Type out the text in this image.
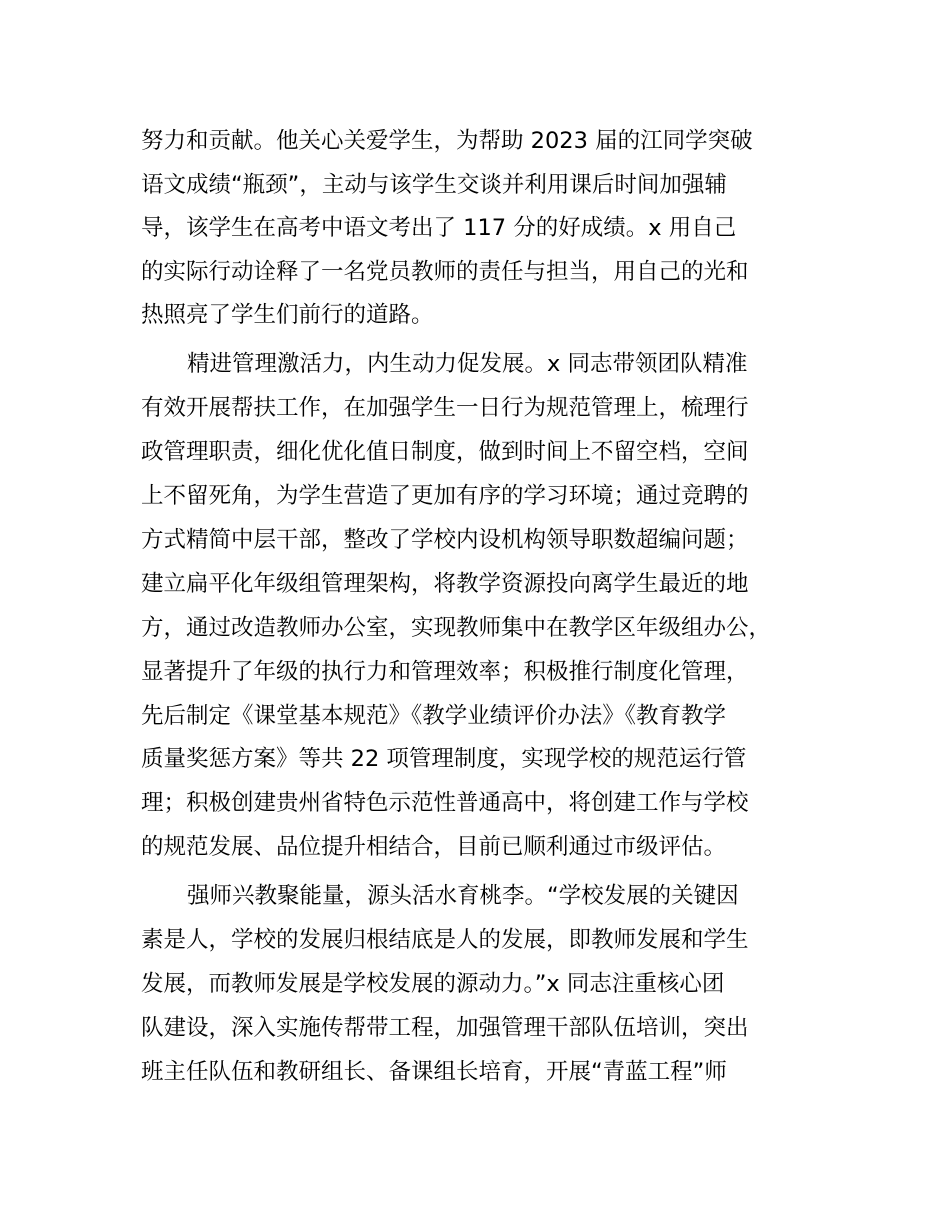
努力和贡献。他关心关爱学生，为帮助 2023 届的江同学突破
语文成绩“瓶颈”，主动与该学生交谈并利用课后时间加强辅
导，该学生在高考中语文考出了 117 分的好成绩。x 用自己
的实际行动诠释了一名党员教师的责任与担当，用自己的光和
热照亮了学生们前行的道路。
精进管理激活力，内生动力促发展。x 同志带领团队精准
有效开展帮扶工作，在加强学生一日行为规范管理上，梳理行
政管理职责，细化优化值日制度，做到时间上不留空档，空间
上不留死角，为学生营造了更加有序的学习环境；通过竞聘的
方式精简中层干部，整改了学校内设机构领导职数超编问题；
建立扁平化年级组管理架构，将教学资源投向离学生最近的地
方，通过改造教师办公室，实现教师集中在教学区年级组办公，
显著提升了年级的执行力和管理效率；积极推行制度化管理，
先后制定《课堂基本规范》《教学业绩评价办法》《教育教学
质量奖惩方案》等共 22 项管理制度，实现学校的规范运行管
理；积极创建贵州省特色示范性普通高中，将创建工作与学校
的规范发展、品位提升相结合，目前已顺利通过市级评估。
强师兴教聚能量，源头活水育桃李。“学校发展的关键因
素是人，学校的发展归根结底是人的发展，即教师发展和学生
发展，而教师发展是学校发展的源动力。”x 同志注重核心团
队建设，深入实施传帮带工程，加强管理干部队伍培训，突出
班主任队伍和教研组长、备课组长培育，开展“青蓝工程”师
